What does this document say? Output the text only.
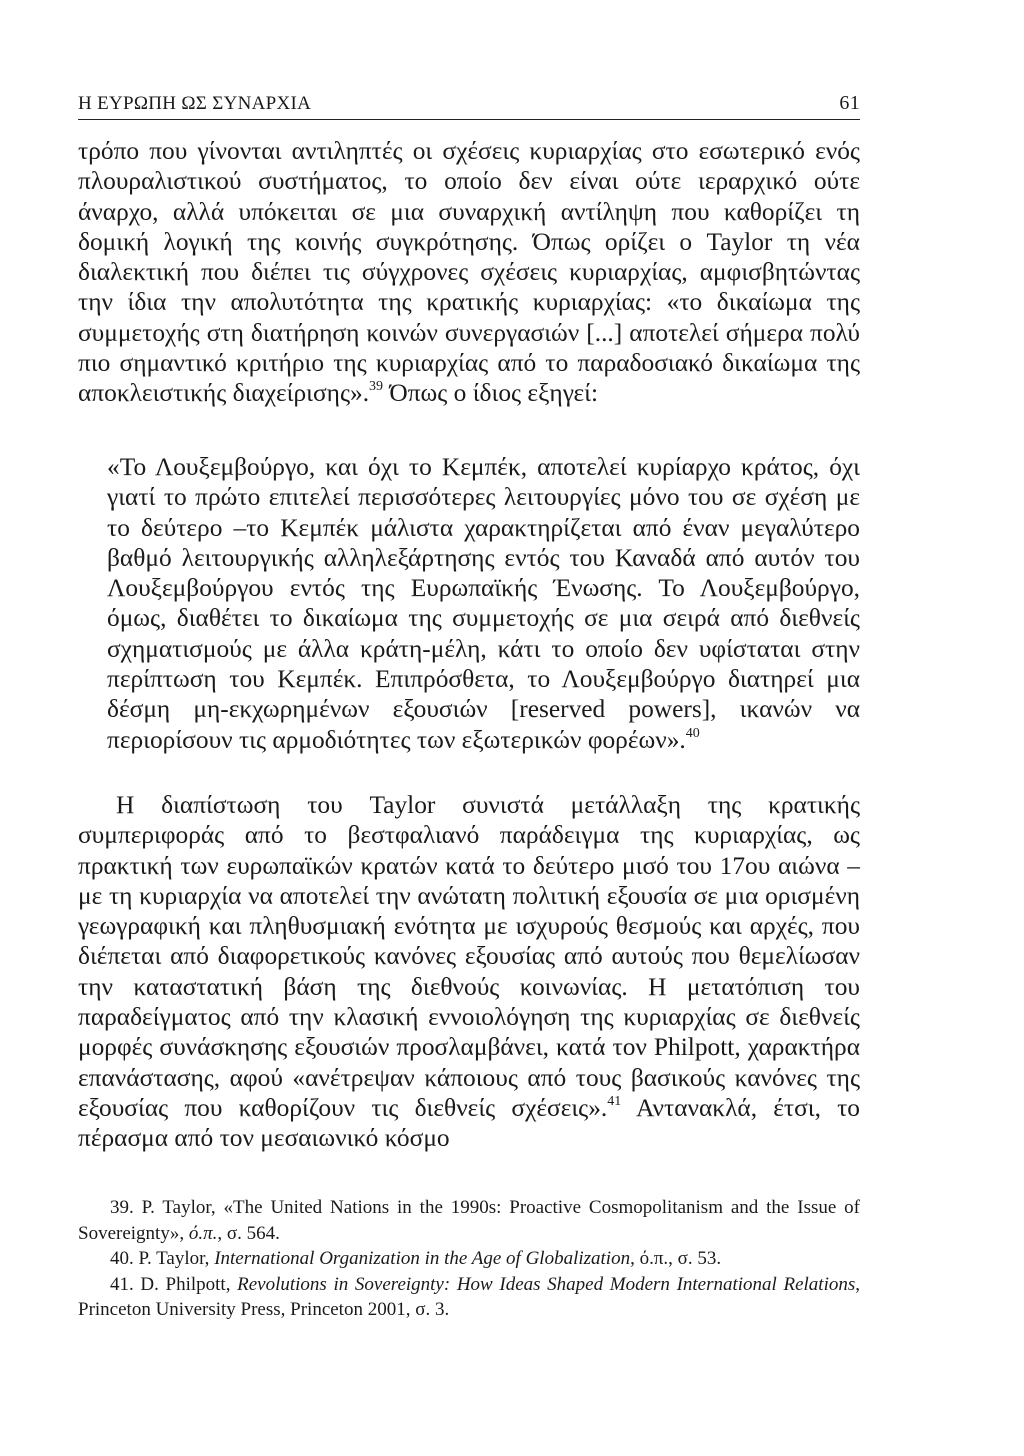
Η ΕΥΡΩΠΗ ΩΣ ΣΥΝΑΡΧΙΑ	61
τρόπο που γίνονται αντιληπτές οι σχέσεις κυριαρχίας στο εσωτερικό ενός πλουραλιστικού συστήματος, το οποίο δεν είναι ούτε ιεραρχικό ούτε άναρχο, αλλά υπόκειται σε μια συναρχική αντίληψη που καθορίζει τη δομική λογική της κοινής συγκρότησης. Όπως ορίζει ο Taylor τη νέα διαλεκτική που διέπει τις σύγχρονες σχέσεις κυριαρχίας, αμφισβητώντας την ίδια την απολυτότητα της κρατικής κυριαρχίας: «το δικαίωμα της συμμετοχής στη διατήρηση κοινών συνεργασιών [...] αποτελεί σήμερα πολύ πιο σημαντικό κριτήριο της κυριαρχίας από το παραδοσιακό δικαίωμα της αποκλειστικής διαχείρισης».$^{39}$ Όπως ο ίδιος εξηγεί:
«Το Λουξεμβούργο, και όχι το Κεμπέκ, αποτελεί κυρίαρχο κράτος, όχι γιατί το πρώτο επιτελεί περισσότερες λειτουργίες μόνο του σε σχέση με το δεύτερο –το Κεμπέκ μάλιστα χαρακτηρίζεται από έναν μεγαλύτερο βαθμό λειτουργικής αλληλεξάρτησης εντός του Καναδά από αυτόν του Λουξεμβούργου εντός της Ευρωπαϊκής Ένωσης. Το Λουξεμβούργο, όμως, διαθέτει το δικαίωμα της συμμετοχής σε μια σειρά από διεθνείς σχηματισμούς με άλλα κράτη-μέλη, κάτι το οποίο δεν υφίσταται στην περίπτωση του Κεμπέκ. Επιπρόσθετα, το Λουξεμβούργο διατηρεί μια δέσμη μη-εκχωρημένων εξουσιών [reserved powers], ικανών να περιορίσουν τις αρμοδιότητες των εξωτερικών φορέων».$^{40}$
Η διαπίστωση του Taylor συνιστά μετάλλαξη της κρατικής συμπεριφοράς από το βεστφαλιανό παράδειγμα της κυριαρχίας, ως πρακτική των ευρωπαϊκών κρατών κατά το δεύτερο μισό του 17ου αιώνα –με τη κυριαρχία να αποτελεί την ανώτατη πολιτική εξουσία σε μια ορισμένη γεωγραφική και πληθυσμιακή ενότητα με ισχυρούς θεσμούς και αρχές, που διέπεται από διαφορετικούς κανόνες εξουσίας από αυτούς που θεμελίωσαν την καταστατική βάση της διεθνούς κοινωνίας. Η μετατόπιση του παραδείγματος από την κλασική εννοιολόγηση της κυριαρχίας σε διεθνείς μορφές συνάσκησης εξουσιών προσλαμβάνει, κατά τον Philpott, χαρακτήρα επανάστασης, αφού «ανέτρεψαν κάποιους από τους βασικούς κανόνες της εξουσίας που καθορίζουν τις διεθνείς σχέσεις».$^{41}$ Αντανακλά, έτσι, το πέρασμα από τον μεσαιωνικό κόσμο

39. P. Taylor, «The United Nations in the 1990s: Proactive Cosmopolitanism and the Issue of Sovereignty», ό.π., σ. 564.

40. P. Taylor, International Organization in the Age of Globalization, ό.π., σ. 53.

41. D. Philpott, Revolutions in Sovereignty: How Ideas Shaped Modern International Relations, Princeton University Press, Princeton 2001, σ. 3.
